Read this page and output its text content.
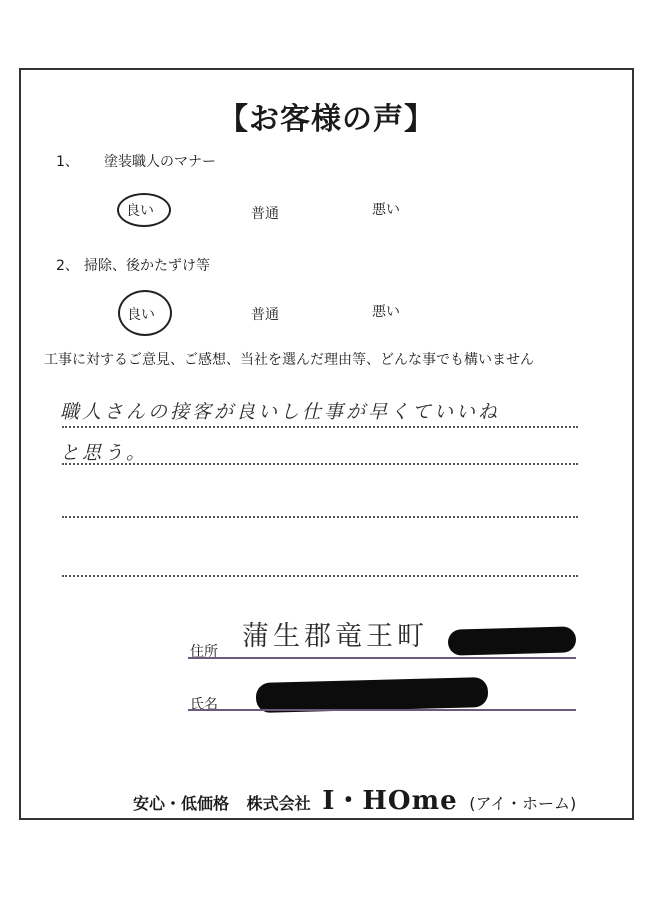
【お客様の声】
1、 塗装職人のマナー
良い	普通	悪い
2、 掃除、後かたずけ等
良い	普通	悪い
工事に対するご意見、ご感想、当社を選んだ理由等、どんな事でも構いません
職人さんの接客が良いし仕事が早くていいね
と思う。
住所 蒲生郡竜王町
氏名
安心・低価格 株式会社 I・HOme (アイ・ホーム)
